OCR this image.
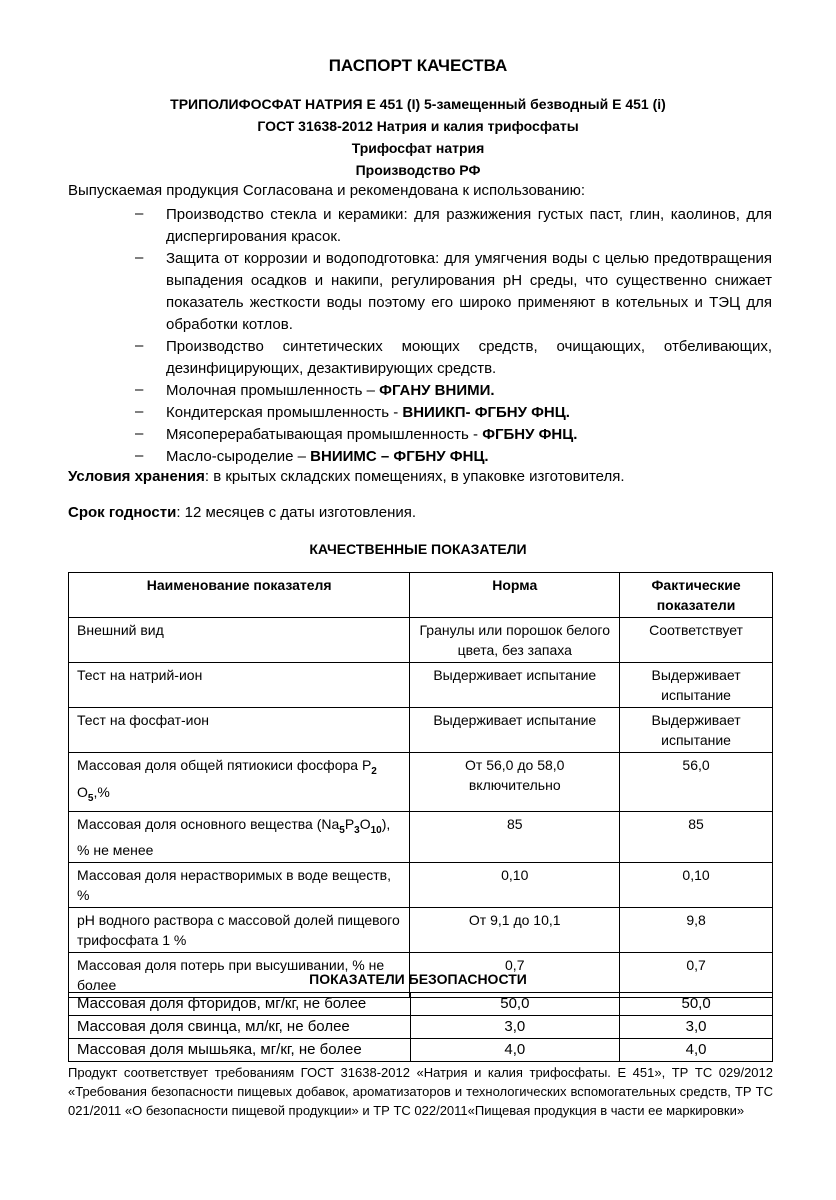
ПАСПОРТ КАЧЕСТВА
ТРИПОЛИФОСФАТ НАТРИЯ Е 451 (I) 5-замещенный безводный Е 451 (i)
ГОСТ 31638-2012 Натрия и калия трифосфаты
Трифосфат натрия
Производство РФ
Выпускаемая продукция Согласована и рекомендована к использованию:
– Производство стекла и керамики: для разжижения густых паст, глин, каолинов, для диспергирования красок.
– Защита от коррозии и водоподготовка: для умягчения воды с целью предотвращения выпадения осадков и накипи, регулирования pH среды, что существенно снижает показатель жесткости воды поэтому его широко применяют в котельных и ТЭЦ для обработки котлов.
– Производство синтетических моющих средств, очищающих, отбеливающих, дезинфицирующих, дезактивирующих средств.
– Молочная промышленность – ФГАНУ ВНИМИ.
– Кондитерская промышленность - ВНИИКП- ФГБНУ ФНЦ.
– Мясоперерабатывающая промышленность - ФГБНУ ФНЦ.
– Масло-сыроделие – ВНИИМС – ФГБНУ ФНЦ.
Условия хранения: в крытых складских помещениях, в упаковке изготовителя.
Срок годности: 12 месяцев с даты изготовления.
КАЧЕСТВЕННЫЕ ПОКАЗАТЕЛИ
Наименование показателя	Норма	Фактические показатели
Внешний вид	Гранулы или порошок белого цвета, без запаха	Соответствует
Тест на натрий-ион	Выдерживает испытание	Выдерживает испытание
Тест на фосфат-ион	Выдерживает испытание	Выдерживает испытание
Массовая доля общей пятиокиси фосфора $P_2$ $O_5,\%$	От 56,0 до 58,0 включительно	56,0
Массовая доля основного вещества $(Na_5P_3O_{10})$, % не менее	85	85
Массовая доля нерастворимых в воде веществ, %	0,10	0,10
pH водного раствора с массовой долей пищевого трифосфата 1 %	От 9,1 до 10,1	9,8
Массовая доля потерь при высушивании, % не более	0,7	0,7
ПОКАЗАТЕЛИ БЕЗОПАСНОСТИ
Массовая доля фторидов, мг/кг, не более	50,0	50,0
Массовая доля свинца, мл/кг, не более	3,0	3,0
Массовая доля мышьяка, мг/кг, не более	4,0	4,0
Продукт соответствует требованиям ГОСТ 31638-2012 «Натрия и калия трифосфаты. Е 451», ТР ТС 029/2012 «Требования безопасности пищевых добавок, ароматизаторов и технологических вспомогательных средств, ТР ТС 021/2011 «О безопасности пищевой продукции» и ТР ТС 022/2011«Пищевая продукция в части ее маркировки»
